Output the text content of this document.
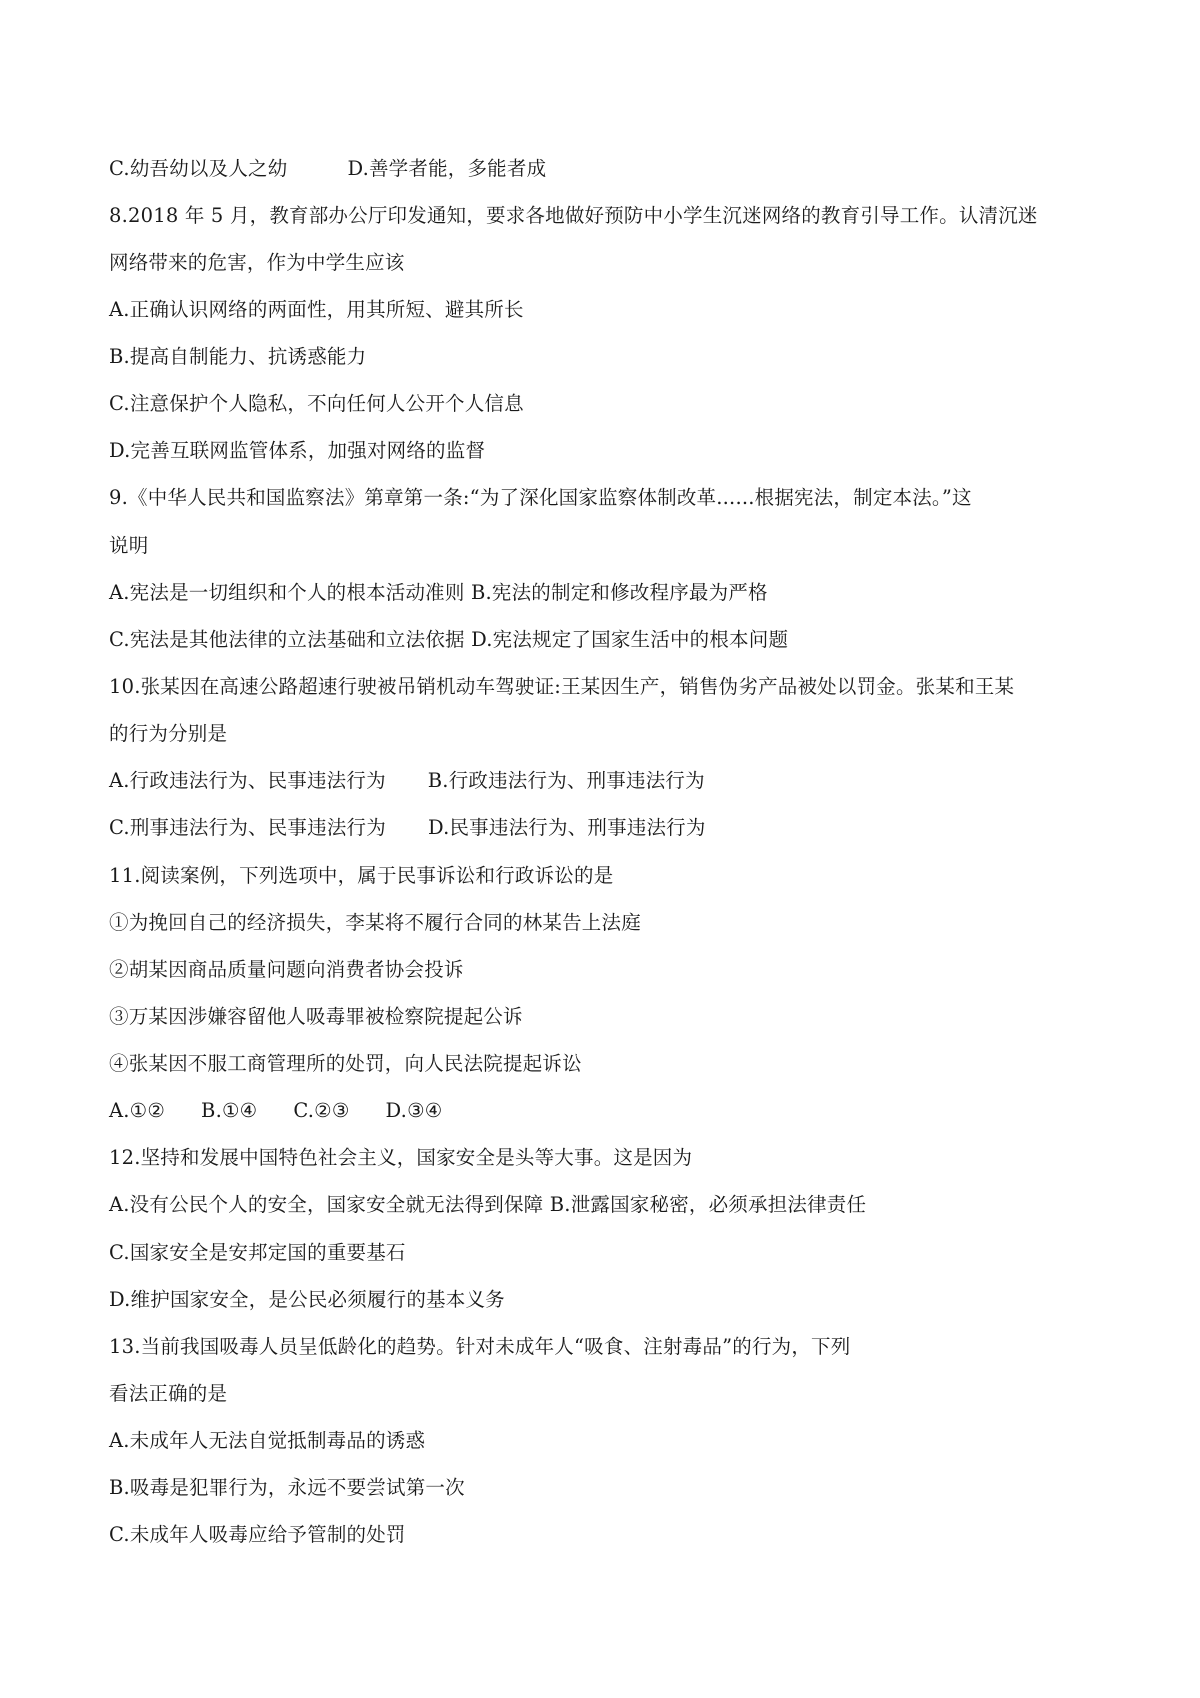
C.幼吾幼以及人之幼	D.善学者能，多能者成
8.2018 年 5 月，教育部办公厅印发通知，要求各地做好预防中小学生沉迷网络的教育引导工作。认清沉迷
网络带来的危害，作为中学生应该
A.正确认识网络的两面性，用其所短、避其所长
B.提高自制能力、抗诱惑能力
C.注意保护个人隐私，不向任何人公开个人信息
D.完善互联网监管体系，加强对网络的监督
9.《中华人民共和国监察法》第章第一条:“为了深化国家监察体制改革......根据宪法，制定本法。”这
说明
A.宪法是一切组织和个人的根本活动准则 B.宪法的制定和修改程序最为严格
C.宪法是其他法律的立法基础和立法依据 D.宪法规定了国家生活中的根本问题
10.张某因在高速公路超速行驶被吊销机动车驾驶证:王某因生产，销售伪劣产品被处以罚金。张某和王某
的行为分别是
A.行政违法行为、民事违法行为 B.行政违法行为、刑事违法行为
C.刑事违法行为、民事违法行为 D.民事违法行为、刑事违法行为
11.阅读案例，下列选项中，属于民事诉讼和行政诉讼的是
①为挽回自己的经济损失，李某将不履行合同的林某告上法庭
②胡某因商品质量问题向消费者协会投诉
③万某因涉嫌容留他人吸毒罪被检察院提起公诉
④张某因不服工商管理所的处罚，向人民法院提起诉讼
A.①② B.①④ C.②③ D.③④
12.坚持和发展中国特色社会主义，国家安全是头等大事。这是因为
A.没有公民个人的安全，国家安全就无法得到保障 B.泄露国家秘密，必须承担法律责任
C.国家安全是安邦定国的重要基石
D.维护国家安全，是公民必须履行的基本义务
13.当前我国吸毒人员呈低龄化的趋势。针对未成年人“吸食、注射毒品”的行为，下列
看法正确的是
A.未成年人无法自觉抵制毒品的诱惑
B.吸毒是犯罪行为，永远不要尝试第一次
C.未成年人吸毒应给予管制的处罚
